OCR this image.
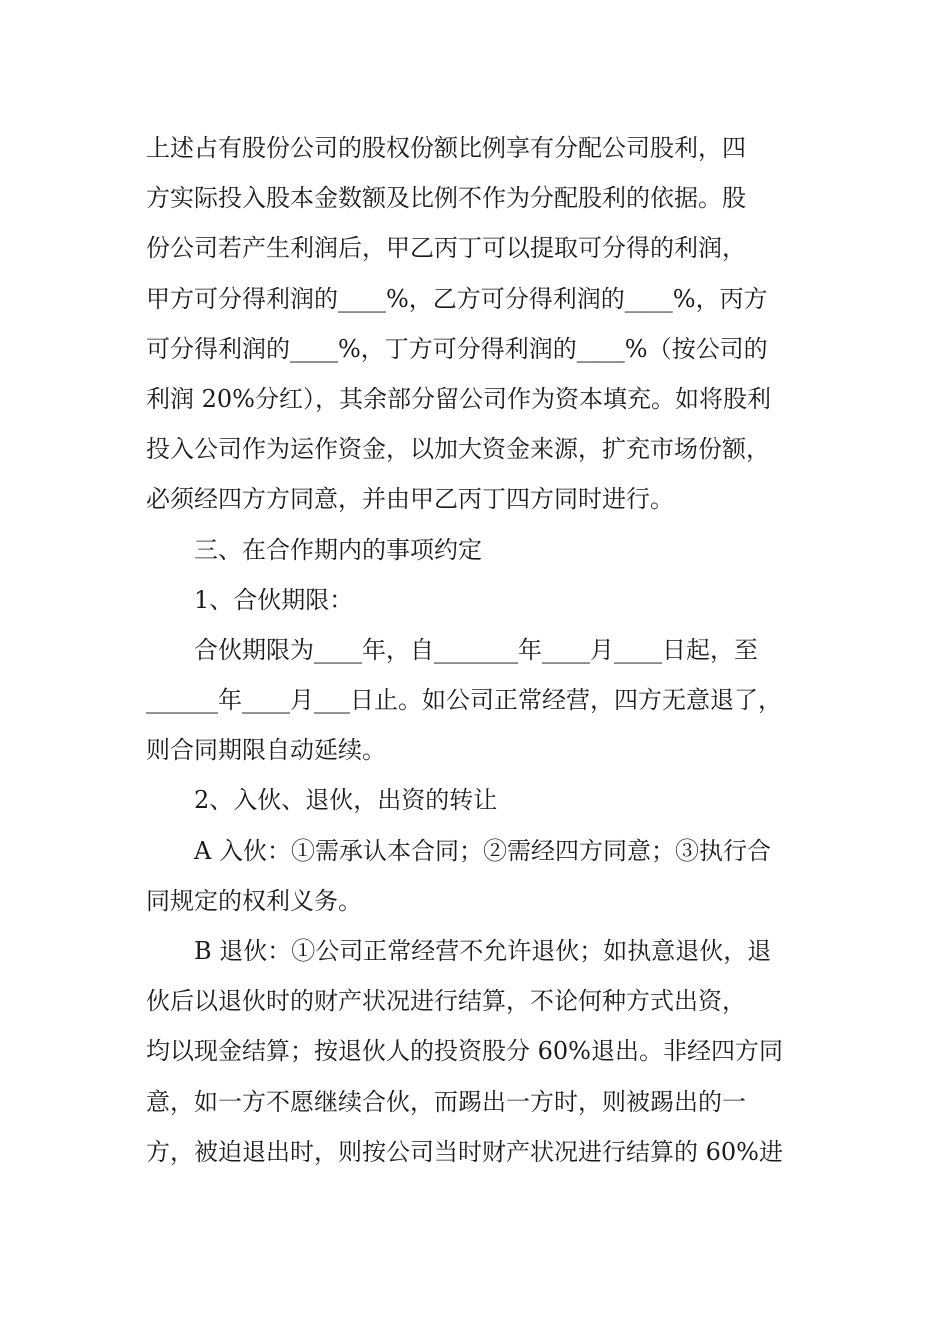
上述占有股份公司的股权份额比例享有分配公司股利，四
方实际投入股本金数额及比例不作为分配股利的依据。股
份公司若产生利润后，甲乙丙丁可以提取可分得的利润，
甲方可分得利润的____%，乙方可分得利润的____%，丙方
可分得利润的____%，丁方可分得利润的____%（按公司的
利润 20%分红），其余部分留公司作为资本填充。如将股利
投入公司作为运作资金，以加大资金来源，扩充市场份额，
必须经四方方同意，并由甲乙丙丁四方同时进行。
三、在合作期内的事项约定
1、合伙期限：
合伙期限为____年，自_______年____月____日起，至
______年____月___日止。如公司正常经营，四方无意退了，
则合同期限自动延续。
2、入伙、退伙，出资的转让
A 入伙：①需承认本合同；②需经四方同意；③执行合
同规定的权利义务。
B 退伙：①公司正常经营不允许退伙；如执意退伙，退
伙后以退伙时的财产状况进行结算，不论何种方式出资，
均以现金结算；按退伙人的投资股分 60%退出。非经四方同
意，如一方不愿继续合伙，而踢出一方时，则被踢出的一
方，被迫退出时，则按公司当时财产状况进行结算的 60%进
